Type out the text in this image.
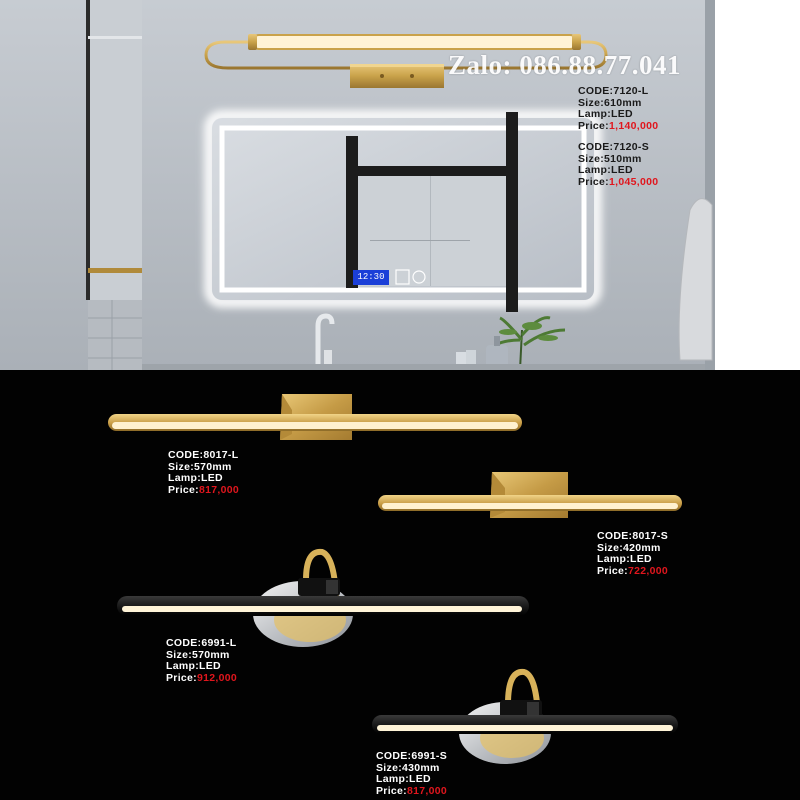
12:30
Zalo: 086.88.77.041
CODE:7120-L
Size:610mm
Lamp:LED
Price:1,140,000
CODE:7120-S
Size:510mm
Lamp:LED
Price:1,045,000
CODE:8017-L
Size:570mm
Lamp:LED
Price:817,000
CODE:8017-S
Size:420mm
Lamp:LED
Price:722,000
CODE:6991-L
Size:570mm
Lamp:LED
Price:912,000
CODE:6991-S
Size:430mm
Lamp:LED
Price:817,000
